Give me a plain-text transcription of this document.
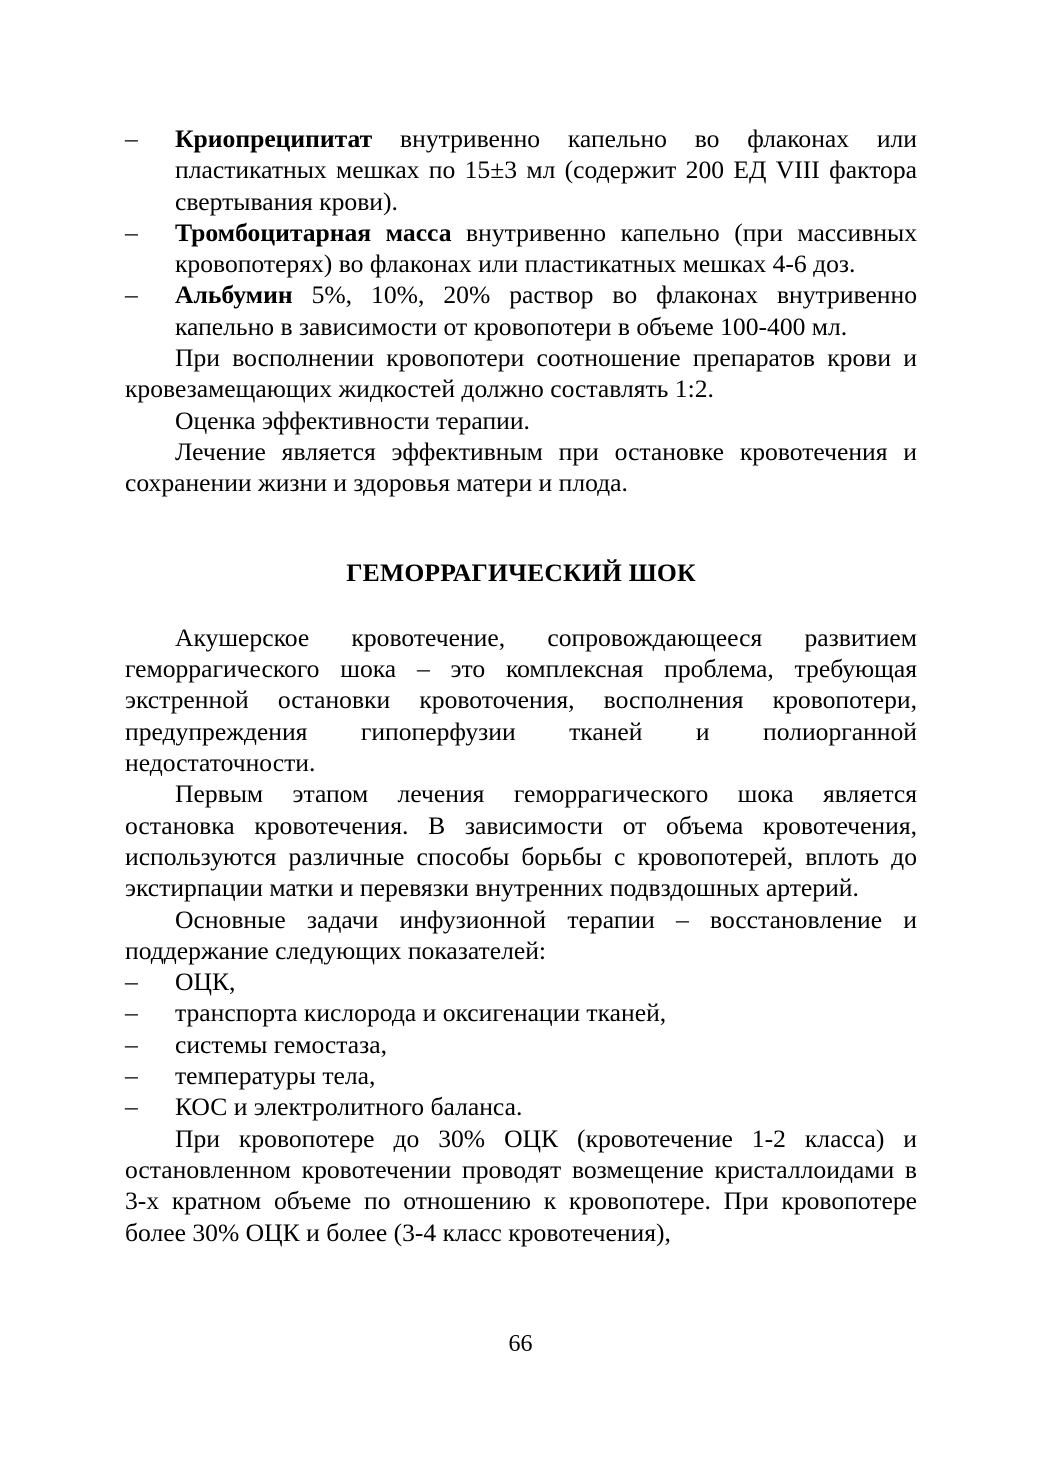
– Криопреципитат внутривенно капельно во флаконах или пластикатных мешках по 15±3 мл (содержит 200 ЕД VIII фактора свертывания крови).

– Тромбоцитарная масса внутривенно капельно (при массивных кровопотерях) во флаконах или пластикатных мешках 4-6 доз.

– Альбумин 5%, 10%, 20% раствор во флаконах внутривенно капельно в зависимости от кровопотери в объеме 100-400 мл.

При восполнении кровопотери соотношение препаратов крови и кровезамещающих жидкостей должно составлять 1:2.

Оценка эффективности терапии.

Лечение является эффективным при остановке кровотечения и сохранении жизни и здоровья матери и плода.

ГЕМОРРАГИЧЕСКИЙ ШОК

Акушерское кровотечение, сопровождающееся развитием геморрагического шока – это комплексная проблема, требующая экстренной остановки кровоточения, восполнения кровопотери, предупреждения гипоперфузии тканей и полиорганной недостаточности.

Первым этапом лечения геморрагического шока является остановка кровотечения. В зависимости от объема кровотечения, используются различные способы борьбы с кровопотерей, вплоть до экстирпации матки и перевязки внутренних подвздошных артерий.

Основные задачи инфузионной терапии – восстановление и поддержание следующих показателей:

– ОЦК,

– транспорта кислорода и оксигенации тканей,

– системы гемостаза,

– температуры тела,

– КОС и электролитного баланса.

При кровопотере до 30% ОЦК (кровотечение 1-2 класса) и остановленном кровотечении проводят возмещение кристаллоидами в 3-х кратном объеме по отношению к кровопотере. При кровопотере более 30% ОЦК и более (3-4 класс кровотечения),

66
